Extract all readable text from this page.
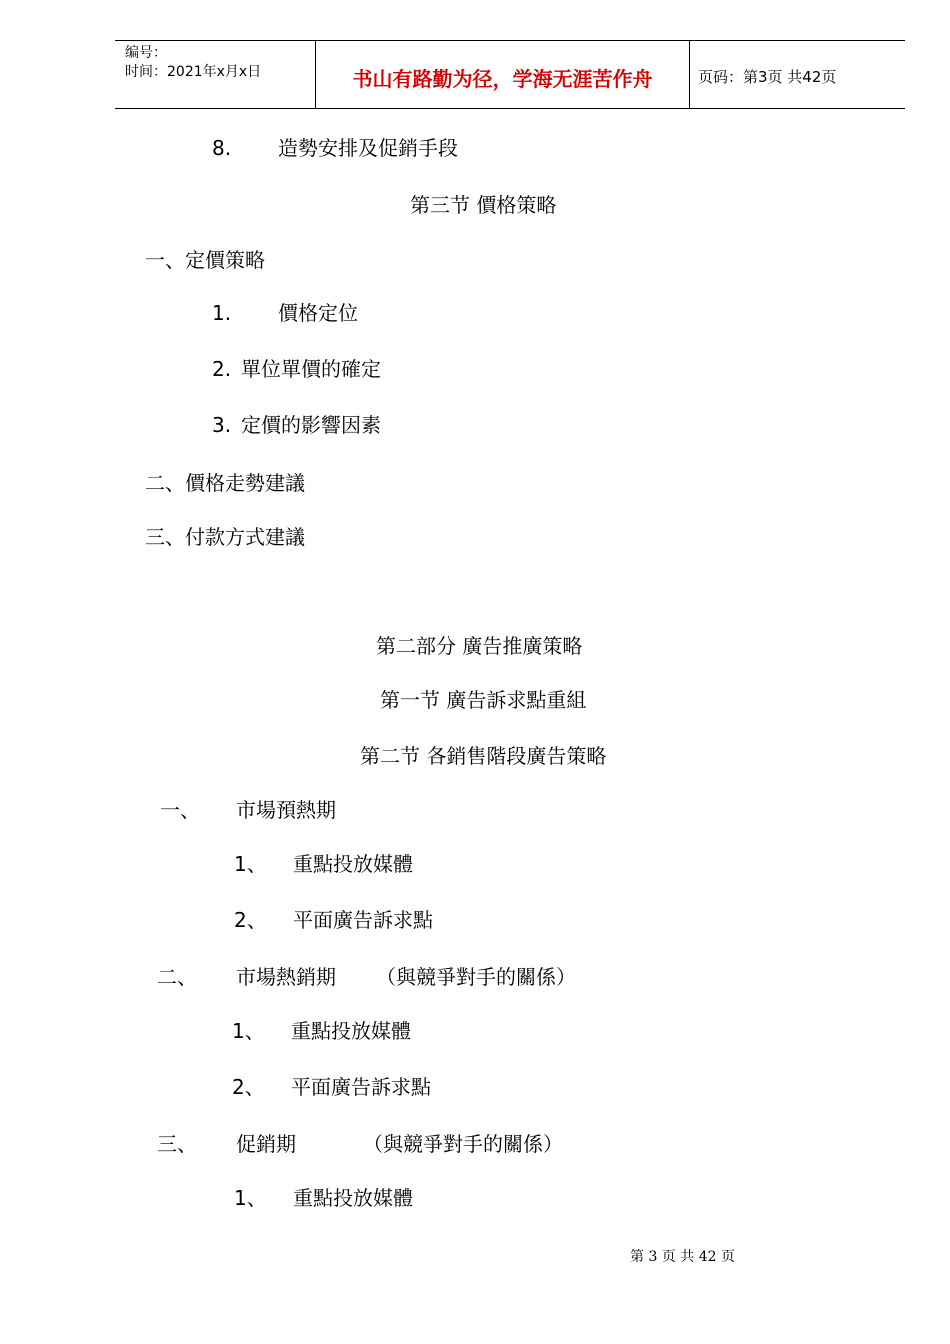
编号：
时间：2021年x月x日	书山有路勤为径，学海无涯苦作舟	页码：第3页 共42页
8. 造勢安排及促銷手段
第三节 價格策略
一、定價策略
1. 價格定位
2. 單位單價的確定
3. 定價的影響因素
二、價格走勢建議
三、付款方式建議
第二部分 廣告推廣策略
第一节 廣告訴求點重組
第二节 各銷售階段廣告策略
一、 市場預熱期
1、 重點投放媒體
2、 平面廣告訴求點
二、 市場熱銷期 （與競爭對手的關係）
1、 重點投放媒體
2、 平面廣告訴求點
三、 促銷期	（與競爭對手的關係）
1、 重點投放媒體
第 3 页 共 42 页
